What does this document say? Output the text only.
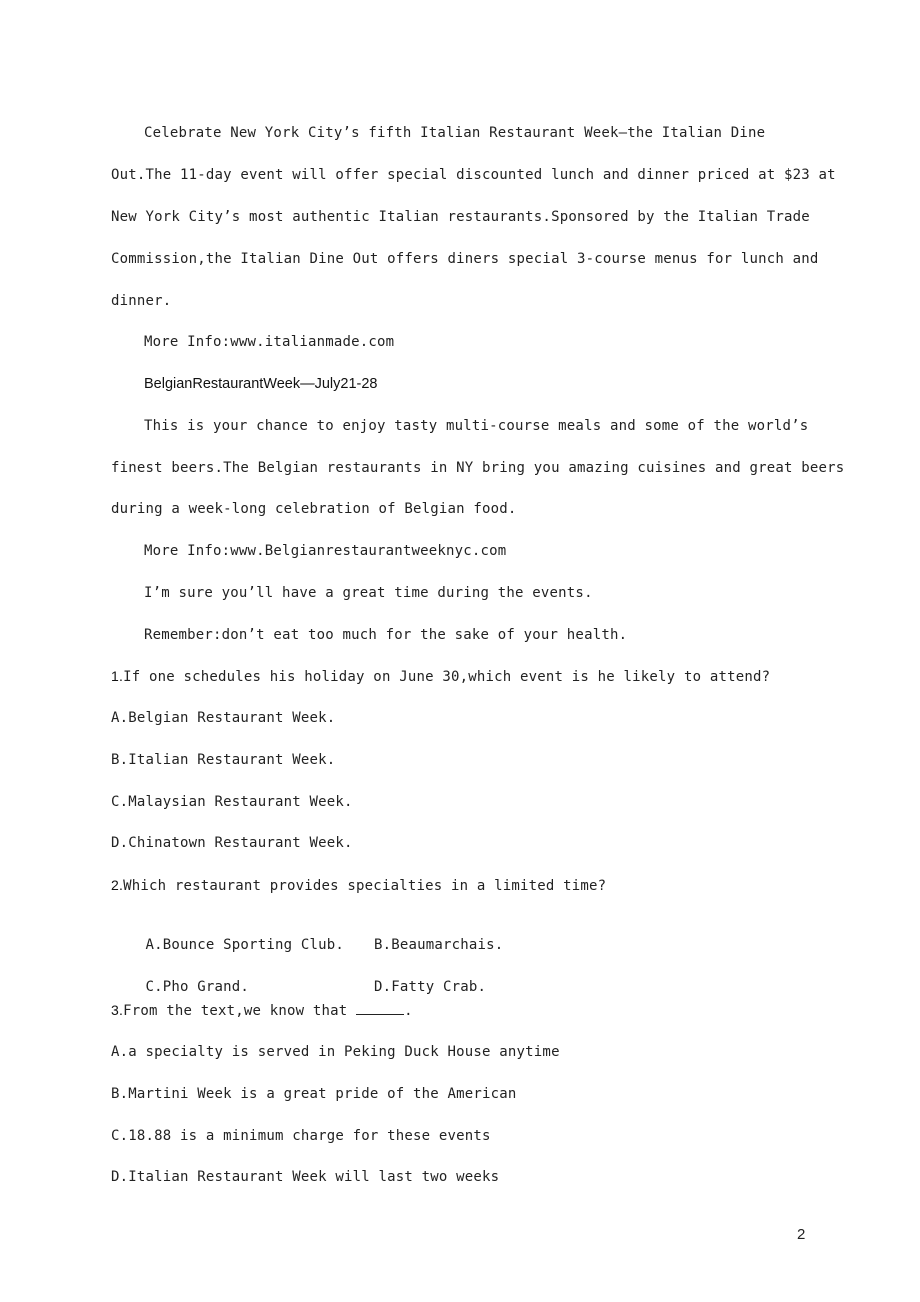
Celebrate New York City’s fifth Italian Restaurant Week—the Italian Dine
Out.The 11-day event will offer special discounted lunch and dinner priced at $23 at
New York City’s most authentic Italian restaurants.Sponsored by the Italian Trade
Commission,the Italian Dine Out offers diners special 3-course menus for lunch and
dinner.
More Info:www.italianmade.com
BelgianRestaurantWeek—July21-28
This is your chance to enjoy tasty multi-course meals and some of the world’s
finest beers.The Belgian restaurants in NY bring you amazing cuisines and great beers
during a week-long celebration of Belgian food.
More Info:www.Belgianrestaurantweeknyc.com
I’m sure you’ll have a great time during the events.
Remember:don’t eat too much for the sake of your health.
1.If one schedules his holiday on June 30,which event is he likely to attend?
A.Belgian Restaurant Week.
B.Italian Restaurant Week.
C.Malaysian Restaurant Week.
D.Chinatown Restaurant Week.
2.Which restaurant provides specialties in a limited time?

A.Bounce Sporting Club. B.Beaumarchais.

C.Pho Grand.	D.Fatty Crab.

3.From the text,we know that	.
A.a specialty is served in Peking Duck House anytime
B.Martini Week is a great pride of the American
C.18.88 is a minimum charge for these events
D.Italian Restaurant Week will last two weeks
2
